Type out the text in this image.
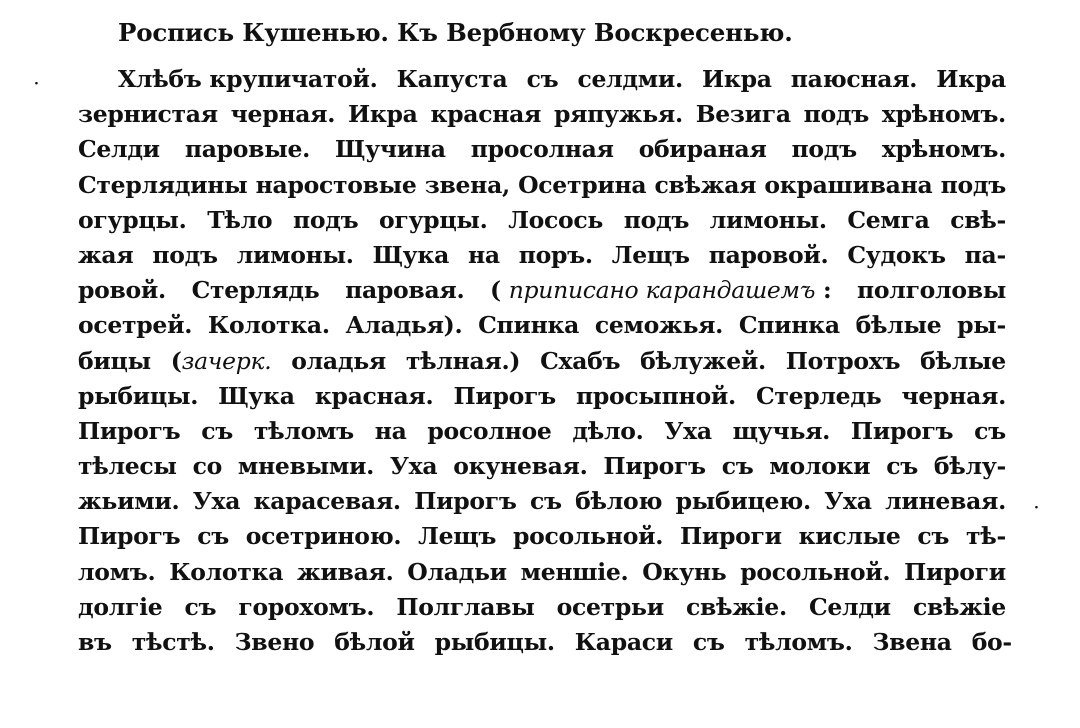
Роспись Кушенью. Къ Вербному Воскресенью.
Хлѣбъ крупичатой. Капуста съ селдми. Икра паюсная. Икра
зернистая черная. Икра красная ряпужья. Везига подъ хрѣномъ.
Селди паровые. Щучина просолная обираная подъ хрѣномъ.
Стерлядины наростовые звена, Осетрина свѣжая окрашивана подъ
огурцы. Тѣло подъ огурцы. Лосось подъ лимоны. Семга свѣ-
жая подъ лимоны. Щука на поръ. Лещъ паровой. Судокъ па-
ровой. Стерлядь паровая. ( приписано карандашемъ : полголовы
осетрей. Колотка. Аладья). Спинка семожья. Спинка бѣлые ры-
бицы (зачерк. оладья тѣлная.) Схабъ бѣлужей. Потрохъ бѣлые
рыбицы. Щука красная. Пирогъ просыпной. Стерледь черная.
Пирогъ съ тѣломъ на росолное дѣло. Уха щучья. Пирогъ съ
тѣлесы со мневыми. Уха окуневая. Пирогъ съ молоки съ бѣлу-
жьими. Уха карасевая. Пирогъ съ бѣлою рыбицею. Уха линевая.
Пирогъ съ осетриною. Лещъ росольной. Пироги кислые съ тѣ-
ломъ. Колотка живая. Оладьи меншіе. Окунь росольной. Пироги
долгіе съ горохомъ. Полглавы осетрьи свѣжіе. Селди свѣжіе
въ тѣстѣ. Звено бѣлой рыбицы. Караси съ тѣломъ. Звена бо-
·
·
